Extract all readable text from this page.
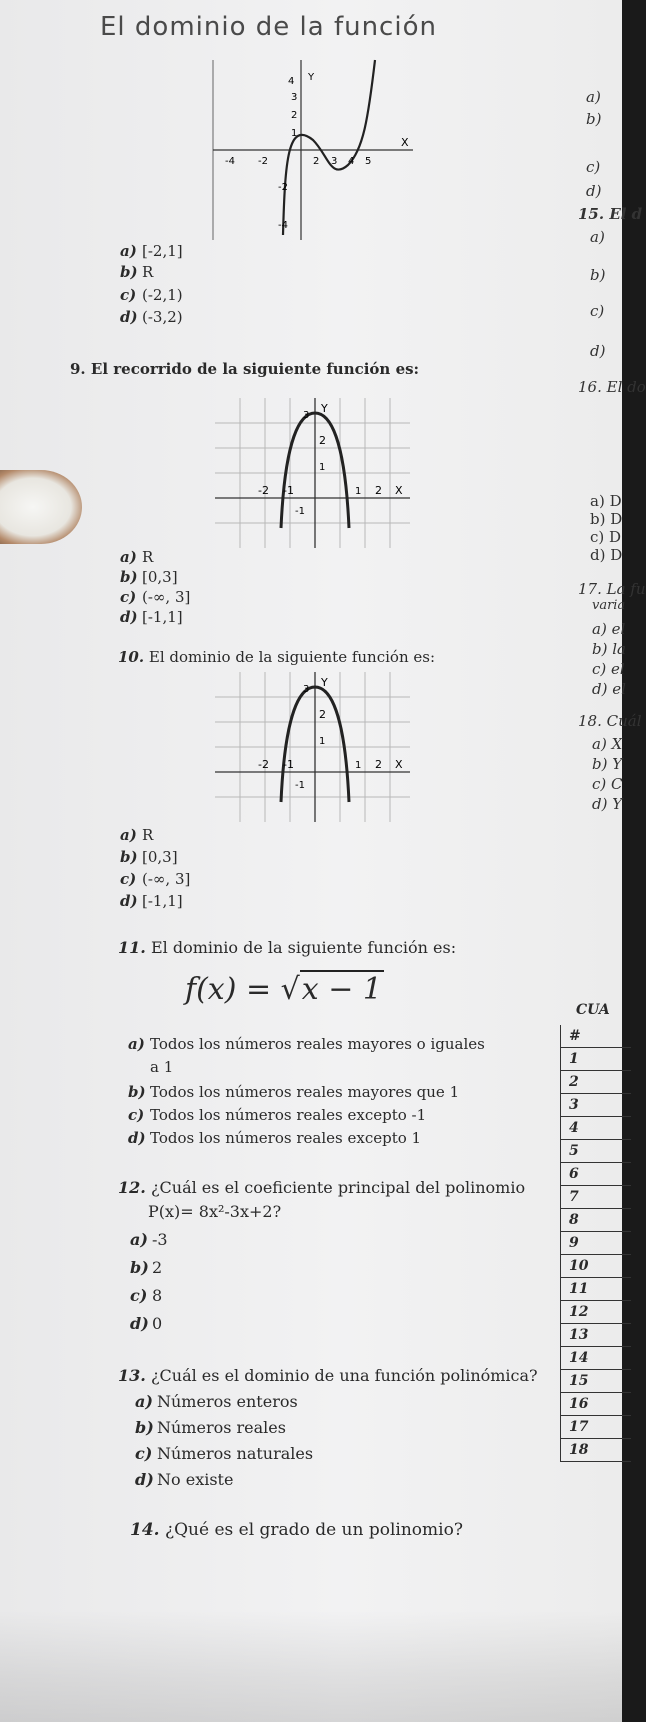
El dominio de la función
4 Y
3
2
1
X
-4 -2	2 3 4 5
-2
-4
a) [-2,1]
b) R
c) (-2,1)
d) (-3,2)
9. El recorrido de la siguiente función es:
3
Y
2
1
-2 -1	1 2 X
-1
a) R
b) [0,3]
c) (-∞, 3]
d) [-1,1]
10. El dominio de la siguiente función es:
3
Y
2
1
-2 -1	1 2 X
-1
a) R
b) [0,3]
c) (-∞, 3]
d) [-1,1]
11. El dominio de la siguiente función es:
f(x) = √x − 1
a) Todos los números reales mayores o iguales
a 1
b) Todos los números reales mayores que 1
c) Todos los números reales excepto -1
d) Todos los números reales excepto 1
12. ¿Cuál es el coeficiente principal del polinomio
P(x)= 8x²-3x+2?
a) -3
b) 2
c) 8
d) 0
13. ¿Cuál es el dominio de una función polinómica?
a) Números enteros
b) Números reales
c) Números naturales
d) No existe
14. ¿Qué es el grado de un polinomio?
a)
b)
c)
d)
15. El d
a)
b)
c)
d)
16. El do
a) D
b) D
c) D
d) D
17. La fu
varia
a) el
b) la
c) el
d) el
18. Cuál
a) X
b) Y
c) C
d) Y
CUA
#
1
2
3
4
5
6
7
8
9
10
11
12
13
14
15
16
17
18
